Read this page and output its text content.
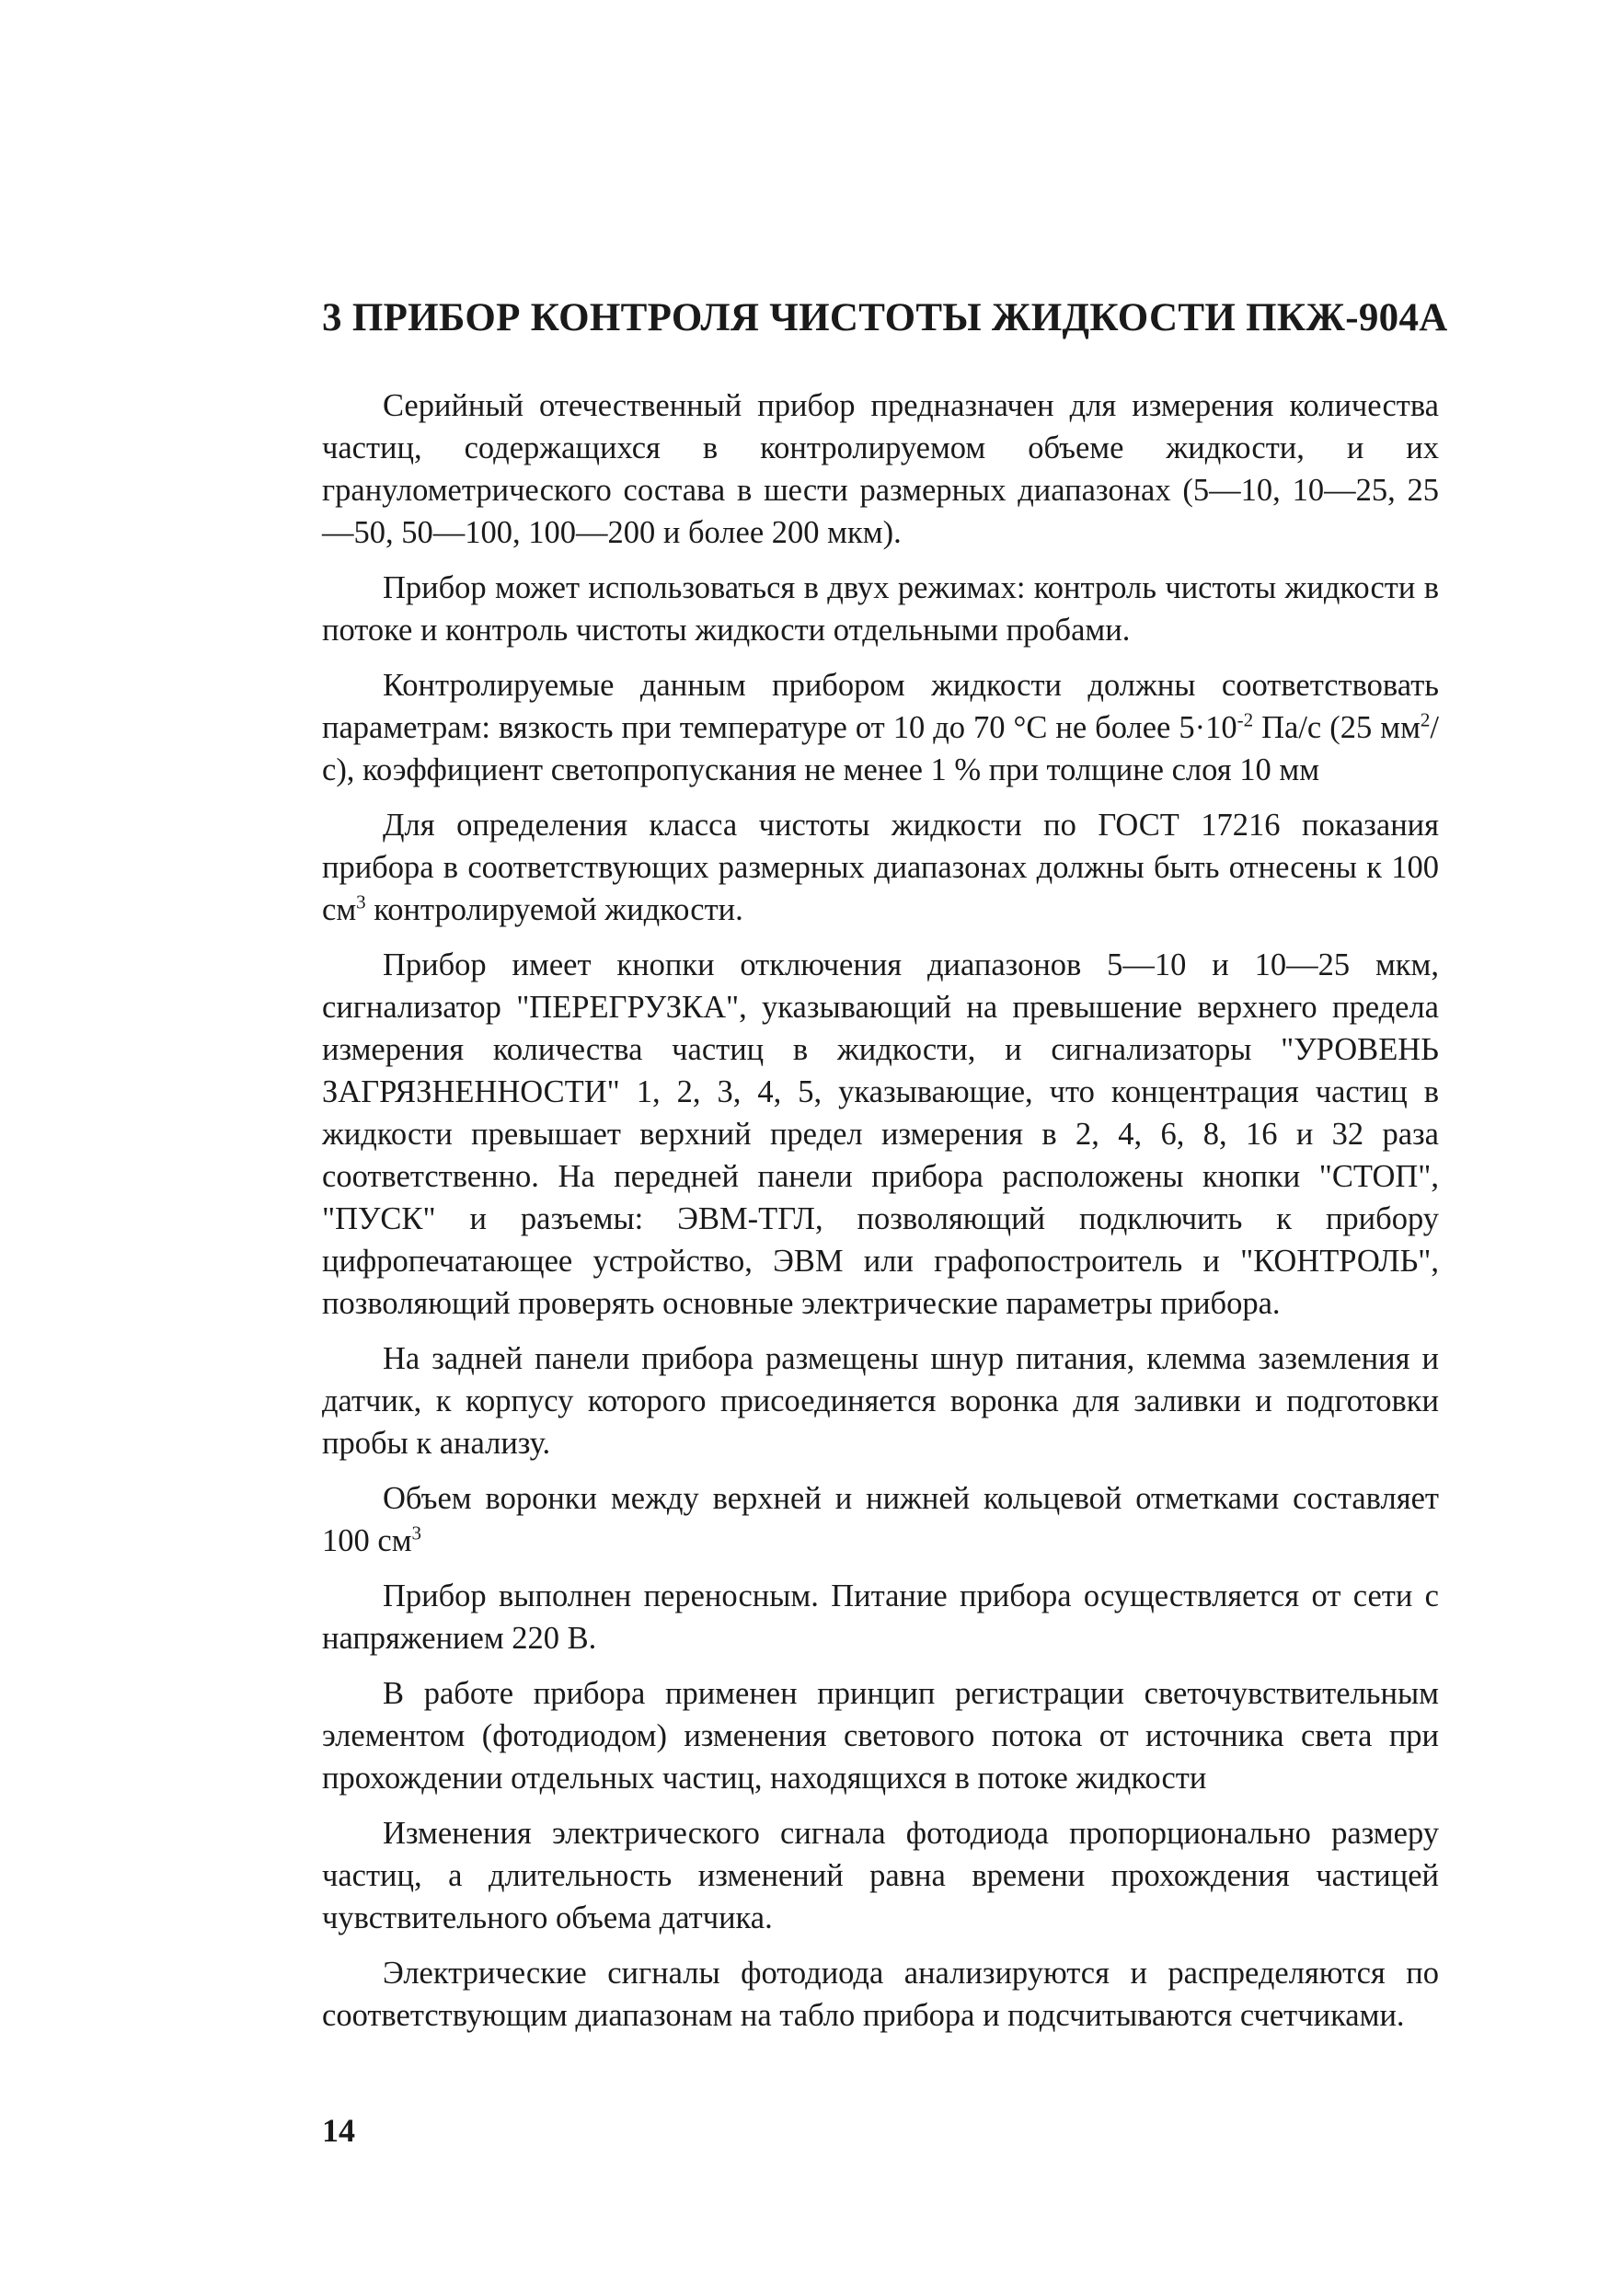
3 ПРИБОР КОНТРОЛЯ ЧИСТОТЫ ЖИДКОСТИ ПКЖ-904А

Серийный отечественный прибор предназначен для измерения количества частиц, содержащихся в контролируемом объеме жидкости, и их гранулометрического состава в шести размерных диапазонах (5—10, 10—25, 25—50, 50—100, 100—200 и более 200 мкм).

Прибор может использоваться в двух режимах: контроль чистоты жидкости в потоке и контроль чистоты жидкости отдельными пробами.

Контролируемые данным прибором жидкости должны соответствовать параметрам: вязкость при температуре от 10 до 70 °С не более $5\cdot 10^{-2}$ Па/с (25 $мм^2/с$), коэффициент светопропускания не менее 1 % при толщине слоя 10 мм

Для определения класса чистоты жидкости по ГОСТ 17216 показания прибора в соответствующих размерных диапазонах должны быть отнесены к 100 $см^3$ контролируемой жидкости.

Прибор имеет кнопки отключения диапазонов 5—10 и 10—25 мкм, сигнализатор "ПЕРЕГРУЗКА", указывающий на превышение верхнего предела измерения количества частиц в жидкости, и сигнализаторы "УРОВЕНЬ ЗАГРЯЗНЕННОСТИ" 1, 2, 3, 4, 5, указывающие, что концентрация частиц в жидкости превышает верхний предел измерения в 2, 4, 6, 8, 16 и 32 раза соответственно. На передней панели прибора расположены кнопки "СТОП", "ПУСК" и разъемы: ЭВМ-ТГЛ, позволяющий подключить к прибору цифропечатающее устройство, ЭВМ или графопостроитель и "КОНТРОЛЬ", позволяющий проверять основные электрические параметры прибора.

На задней панели прибора размещены шнур питания, клемма заземления и датчик, к корпусу которого присоединяется воронка для заливки и подготовки пробы к анализу.

Объем воронки между верхней и нижней кольцевой отметками составляет 100 $см^3$

Прибор выполнен переносным. Питание прибора осуществляется от сети с напряжением 220 В.

В работе прибора применен принцип регистрации светочувствительным элементом (фотодиодом) изменения светового потока от источника света при прохождении отдельных частиц, находящихся в потоке жидкости

Изменения электрического сигнала фотодиода пропорционально размеру частиц, а длительность изменений равна времени прохождения частицей чувствительного объема датчика.

Электрические сигналы фотодиода анализируются и распределяются по соответствующим диапазонам на табло прибора и подсчитываются счетчиками.

14
